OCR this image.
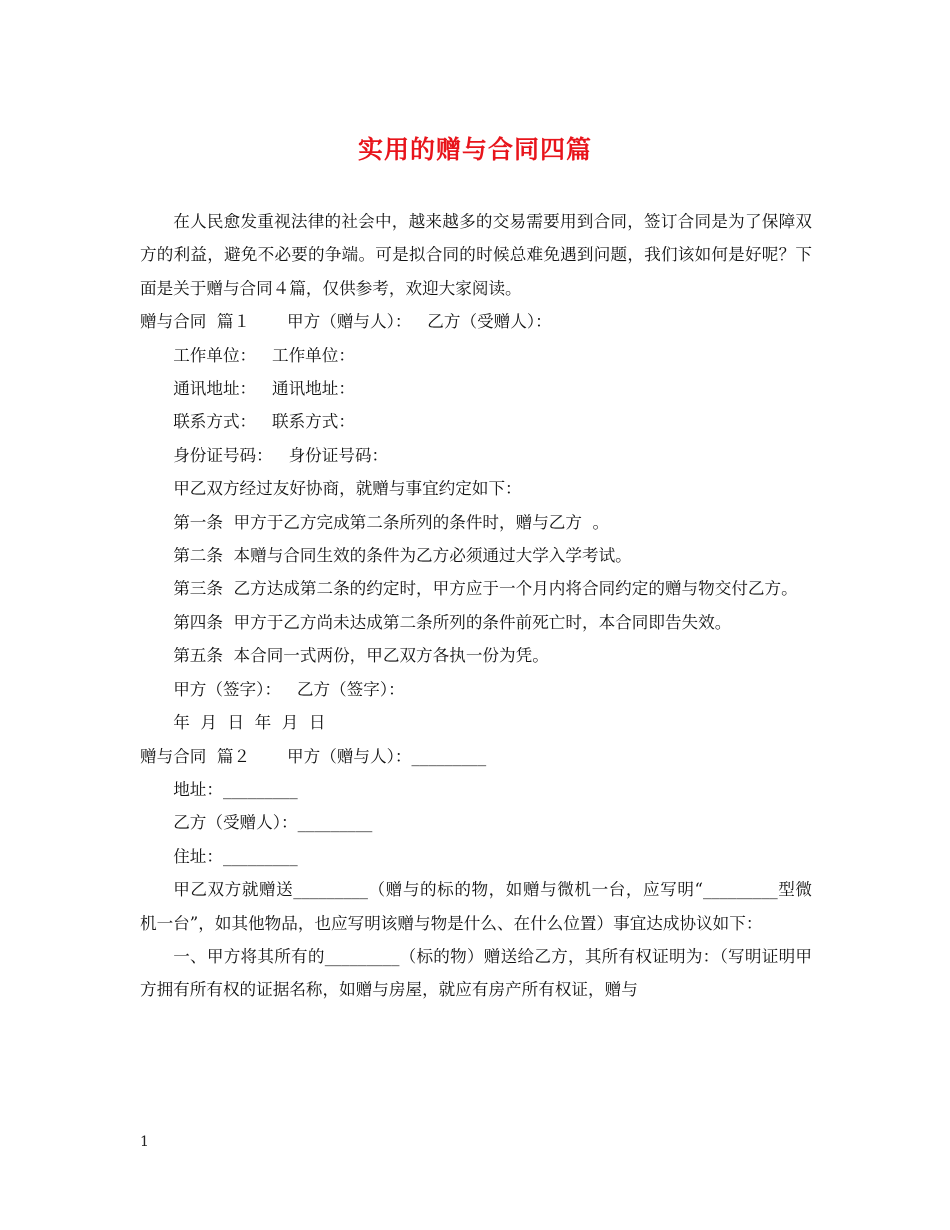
实用的赠与合同四篇

在人民愈发重视法律的社会中，越来越多的交易需要用到合同，签订合同是为了保障双方的利益，避免不必要的争端。可是拟合同的时候总难免遇到问题，我们该如何是好呢？下面是关于赠与合同４篇，仅供参考，欢迎大家阅读。

赠与合同  篇１       甲方（赠与人）：   乙方（受赠人）：

工作单位：   工作单位：

通讯地址：   通讯地址：

联系方式：   联系方式：

身份证号码：   身份证号码：

甲乙双方经过友好协商，就赠与事宜约定如下：

第一条  甲方于乙方完成第二条所列的条件时，赠与乙方  。

第二条  本赠与合同生效的条件为乙方必须通过大学入学考试。

第三条  乙方达成第二条的约定时，甲方应于一个月内将合同约定的赠与物交付乙方。

第四条  甲方于乙方尚未达成第二条所列的条件前死亡时，本合同即告失效。

第五条  本合同一式两份，甲乙双方各执一份为凭。

甲方（签字）：   乙方（签字）：

年  月  日  年  月  日

赠与合同  篇２       甲方（赠与人）：_________

地址：_________

乙方（受赠人）：_________

住址：_________

甲乙双方就赠送_________（赠与的标的物，如赠与微机一台，应写明“_________型微机一台”，如其他物品，也应写明该赠与物是什么、在什么位置）事宜达成协议如下：

一、甲方将其所有的_________（标的物）赠送给乙方，其所有权证明为：（写明证明甲方拥有所有权的证据名称，如赠与房屋，就应有房产所有权证，赠与

1
